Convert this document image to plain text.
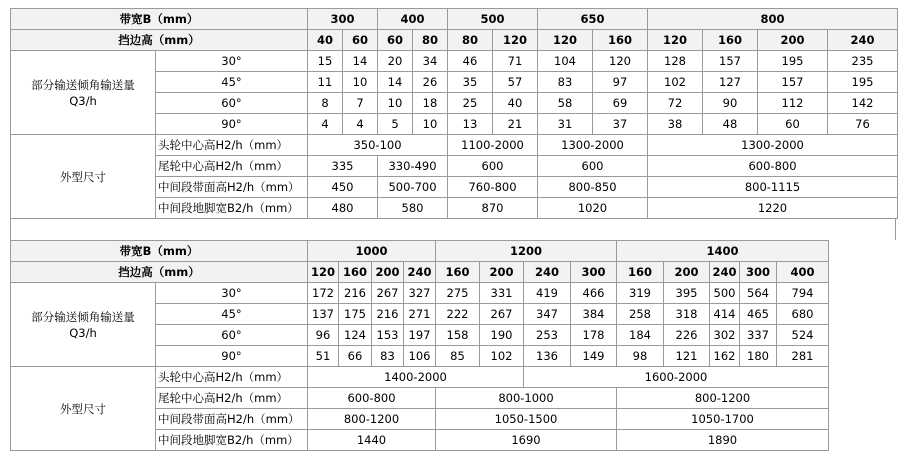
带宽B（mm）		300		400		500		650		800			
挡边高（mm）		40	60	60	80	80	120	120	160	120	160	200	240

部分输送倾角输送量
Q3/h	30°	15	14	20	34	46	71	104	120	128	157	195	235
	45°	11	10	14	26	35	57	83	97	102	127	157	195
	60°	8	7	10	18	25	40	58	69	72	90	112	142
	90°	4	4	5	10	13	21	31	37	38	48	60	76
外型尺寸	头轮中心高H2/h（mm）	350-100				1100-2000		1300-2000		1300-2000			
	尾轮中心高H2/h（mm）	335		330-490		600		600		600-800			
	中间段带面高H2/h（mm）	450		500-700		760-800		800-850		800-1115			
	中间段地脚宽B2/h（mm）	480		580		870		1020		1220			
带宽B（mm）		1000				1200				1400				
挡边高（mm）		120	160	200	240	160	200	240	300	160	200	240	300	400

部分输送倾角输送量
Q3/h	30°	172	216	267	327	275	331	419	466	319	395	500	564	794
	45°	137	175	216	271	222	267	347	384	258	318	414	465	680
	60°	96	124	153	197	158	190	253	178	184	226	302	337	524
	90°	51	66	83	106	85	102	136	149	98	121	162	180	281
外型尺寸	头轮中心高H2/h（mm）	1400-2000						1600-2000						
	尾轮中心高H2/h（mm）	600-800				800-1000				800-1200				
	中间段带面高H2/h（mm）	800-1200				1050-1500				1050-1700				
	中间段地脚宽B2/h（mm）	1440				1690				1890				
